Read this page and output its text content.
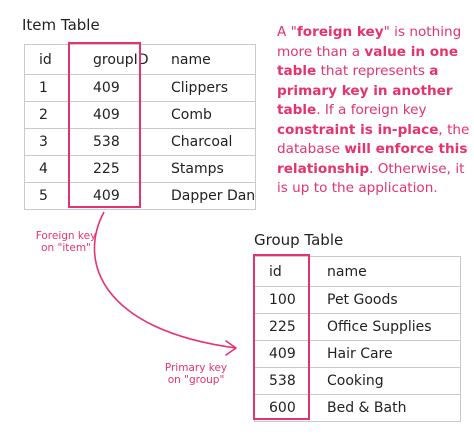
Item Table
id	groupID	name
1	409	Clippers
2	409	Comb
3	538	Charcoal
4	225	Stamps
5	409	Dapper Dan
A "foreign key" is nothing
more than a value in one
table that represents a
primary key in another
table. If a foreign key
constraint is in-place, the
database will enforce this
relationship. Otherwise, it
is up to the application.
Foreign key
on "item"
Primary key
on "group"
Group Table
id	name
100	Pet Goods
225	Office Supplies
409	Hair Care
538	Cooking
600	Bed & Bath
